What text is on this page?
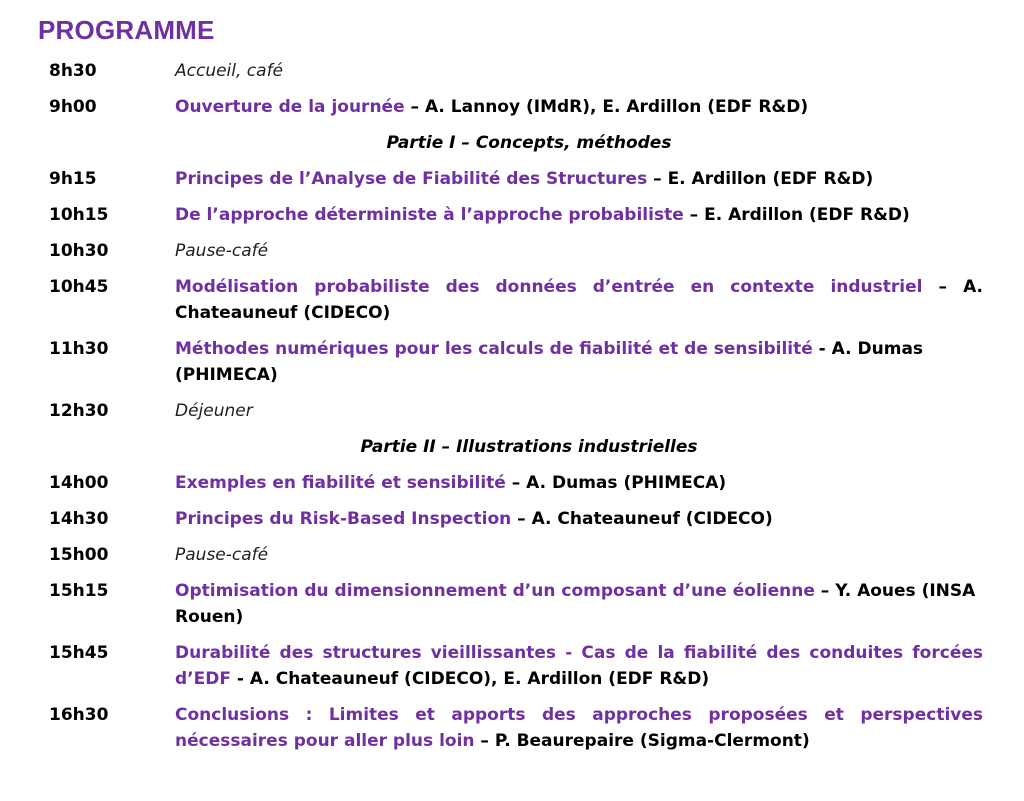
PROGRAMME
8h30	Accueil, café
9h00	Ouverture de la journée – A. Lannoy (IMdR), E. Ardillon (EDF R&D)
Partie I – Concepts, méthodes
9h15	Principes de l’Analyse de Fiabilité des Structures – E. Ardillon (EDF R&D)
10h15	De l’approche déterministe à l’approche probabiliste – E. Ardillon (EDF R&D)
10h30	Pause-café
10h45	Modélisation probabiliste des données d’entrée en contexte industriel – A. Chateauneuf (CIDECO)
11h30	Méthodes numériques pour les calculs de fiabilité et de sensibilité - A. Dumas (PHIMECA)
12h30	Déjeuner
Partie II – Illustrations industrielles
14h00	Exemples en fiabilité et sensibilité – A. Dumas (PHIMECA)
14h30	Principes du Risk-Based Inspection – A. Chateauneuf (CIDECO)
15h00	Pause-café
15h15	Optimisation du dimensionnement d’un composant d’une éolienne – Y. Aoues (INSA Rouen)
15h45	Durabilité des structures vieillissantes - Cas de la fiabilité des conduites forcées d’EDF - A. Chateauneuf (CIDECO), E. Ardillon (EDF R&D)
16h30	Conclusions : Limites et apports des approches proposées et perspectives nécessaires pour aller plus loin – P. Beaurepaire (Sigma-Clermont)
